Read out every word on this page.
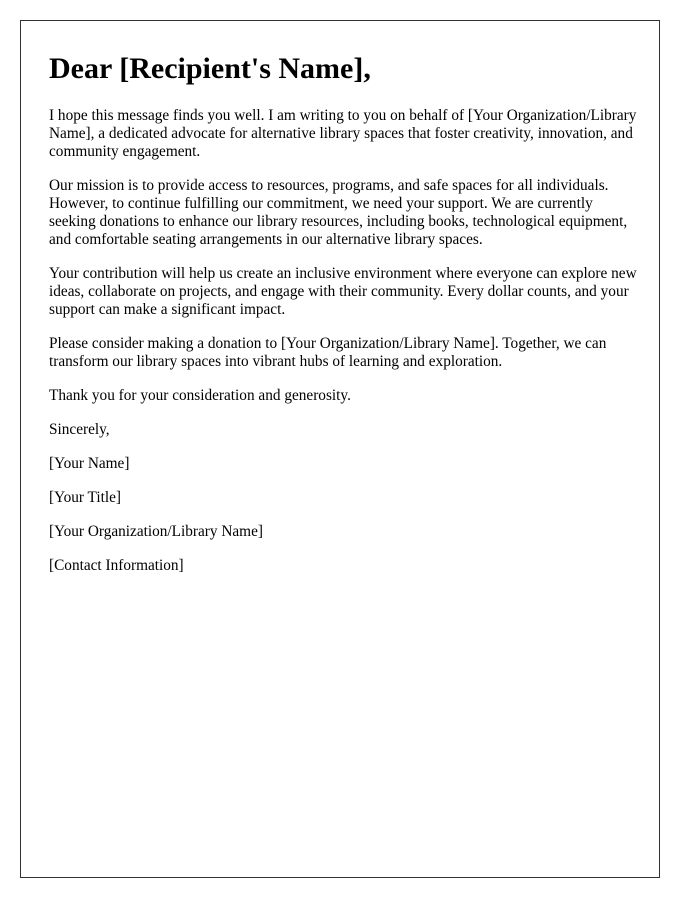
Dear [Recipient's Name],

I hope this message finds you well. I am writing to you on behalf of [Your Organization/Library Name], a dedicated advocate for alternative library spaces that foster creativity, innovation, and community engagement.

Our mission is to provide access to resources, programs, and safe spaces for all individuals. However, to continue fulfilling our commitment, we need your support. We are currently seeking donations to enhance our library resources, including books, technological equipment, and comfortable seating arrangements in our alternative library spaces.

Your contribution will help us create an inclusive environment where everyone can explore new ideas, collaborate on projects, and engage with their community. Every dollar counts, and your support can make a significant impact.

Please consider making a donation to [Your Organization/Library Name]. Together, we can transform our library spaces into vibrant hubs of learning and exploration.

Thank you for your consideration and generosity.

Sincerely,

[Your Name]

[Your Title]

[Your Organization/Library Name]

[Contact Information]
